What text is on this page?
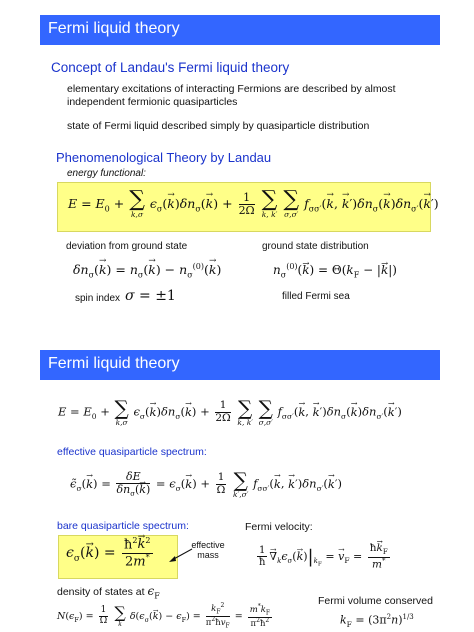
Fermi liquid theory
Concept of Landau's Fermi liquid theory
elementary excitations of interacting Fermions are described by almost independent fermionic quasiparticles
state of Fermi liquid described simply by quasiparticle distribution
Phenomenological Theory by Landau
energy functional:
$E = E_0$ + ∑
k,σ
$\epsilon_\sigma(\to k)\delta n_\sigma(\to k) + \frac{1}{2\Omega}$
∑
k, k′

∑
σ,σ′
$f_{\sigma\sigma'}(\to k$, → $k')\delta n_\sigma(\to k)\delta n_{\sigma'}(\to k')$
deviation from ground state	ground state distribution
$\delta n_\sigma(\to k) = n_\sigma(\to k) - n_\sigma^{(0)}(\to k)$	$n_\sigma^{(0)}(\to k) = \Theta(k_F$ − |→ k|)
spin index σ = ±1	filled Fermi sea
Fermi liquid theory
$E = E_0$ + ∑
k,σ
$\epsilon_\sigma(\to k)\delta n_\sigma(\to k) + \frac{1}{2\Omega}$
∑
k, k′

∑
σ,σ′
$f_{\sigma\sigma'}(\to k$, → $k')\delta n_\sigma(\to k)\delta n_{\sigma'}(\to k')$
effective quasiparticle spectrum:
$\epsiloñ_\sigma(\to k) = \frac{\delta E}{\delta n_\sigma(\to k)} = \epsilon_\sigma(\to k) + \frac{1}{\Omega}$
∑
k′,σ′
$f_{\sigma\sigma'}(\to k$, → $k')\delta n_{\sigma'}(\to k')$
bare quasiparticle spectrum:	Fermi velocity:
$\epsilon_\sigma(\to k) = \frac{ħ^2\to k^2}{2m^*}$	effective mass	$\frac{1}{ħ}$
→ $\nabla_k\epsilon_\sigma(\to k)|_{k_F}$ = → $v_F = \frac{ħ\to k_F}{m^*}$
density of states at $\epsilon_F$	Fermi volume conserved
$N(\epsilon_F) = \frac{1}{\Omega}$
∑
k
$\delta(\epsilon_\sigma(\to k) - \epsilon_F) = \frac{k_F^2}{\pi^2ħv_F} = \frac{m^*k_F}{\pi^2ħ^2}$	$k_F = (3\pi^2n)^{1/3}$
